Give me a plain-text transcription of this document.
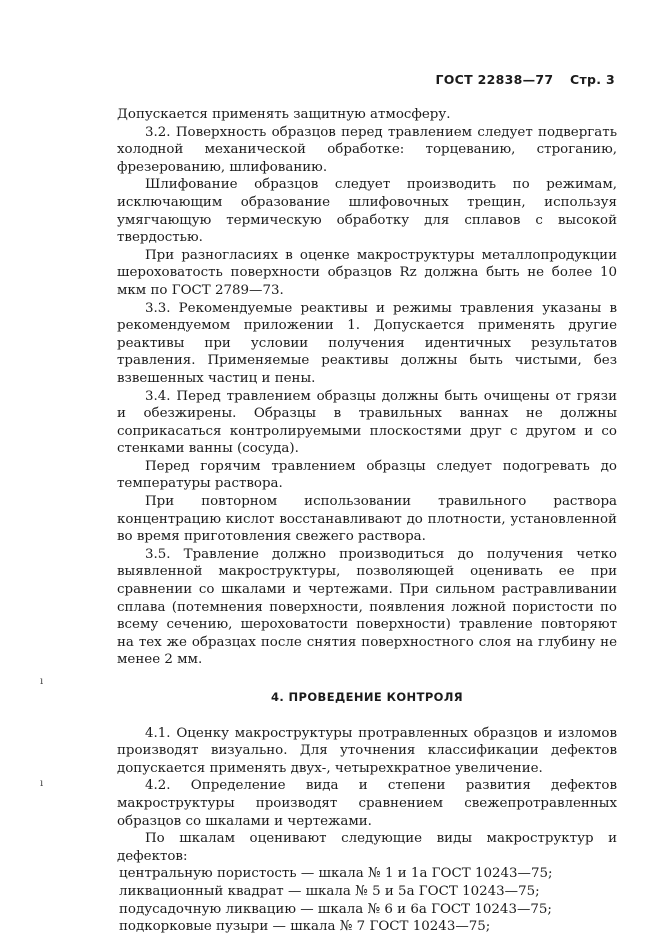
ГОСТ 22838—77 Стр. 3

Допускается применять защитную атмосферу.

3.2. Поверхность образцов перед травлением следует подвергать холодной механической обработке: торцеванию, строганию, фрезерованию, шлифованию.

Шлифование образцов следует производить по режимам, исключающим образование шлифовочных трещин, используя умягчающую термическую обработку для сплавов с высокой твердостью.

При разногласиях в оценке макроструктуры металлопродукции шероховатость поверхности образцов Rz должна быть не более 10 мкм по ГОСТ 2789—73.

3.3. Рекомендуемые реактивы и режимы травления указаны в рекомендуемом приложении 1. Допускается применять другие реактивы при условии получения идентичных результатов травления. Применяемые реактивы должны быть чистыми, без взвешенных частиц и пены.

3.4. Перед травлением образцы должны быть очищены от грязи и обезжирены. Образцы в травильных ваннах не должны соприкасаться контролируемыми плоскостями друг с другом и со стенками ванны (сосуда).

Перед горячим травлением образцы следует подогревать до температуры раствора.

При повторном использовании травильного раствора концентрацию кислот восстанавливают до плотности, установленной во время приготовления свежего раствора.

3.5. Травление должно производиться до получения четко выявленной макроструктуры, позволяющей оценивать ее при сравнении со шкалами и чертежами. При сильном растравливании сплава (потемнения поверхности, появления ложной пористости по всему сечению, шероховатости поверхности) травление повторяют на тех же образцах после снятия поверхностного слоя на глубину не менее 2 мм.

4. ПРОВЕДЕНИЕ КОНТРОЛЯ

4.1. Оценку макроструктуры протравленных образцов и изломов производят визуально. Для уточнения классификации дефектов допускается применять двух-, четырехкратное увеличение.

4.2. Определение вида и степени развития дефектов макроструктуры производят сравнением свежепротравленных образцов со шкалами и чертежами.

По шкалам оценивают следующие виды макроструктур и дефектов:

центральную пористость — шкала № 1 и 1а ГОСТ 10243—75;

ликвационный квадрат — шкала № 5 и 5а ГОСТ 10243—75;

подусадочную ликвацию — шкала № 6 и 6а ГОСТ 10243—75;

подкорковые пузыри — шкала № 7 ГОСТ 10243—75;

ı
ı
